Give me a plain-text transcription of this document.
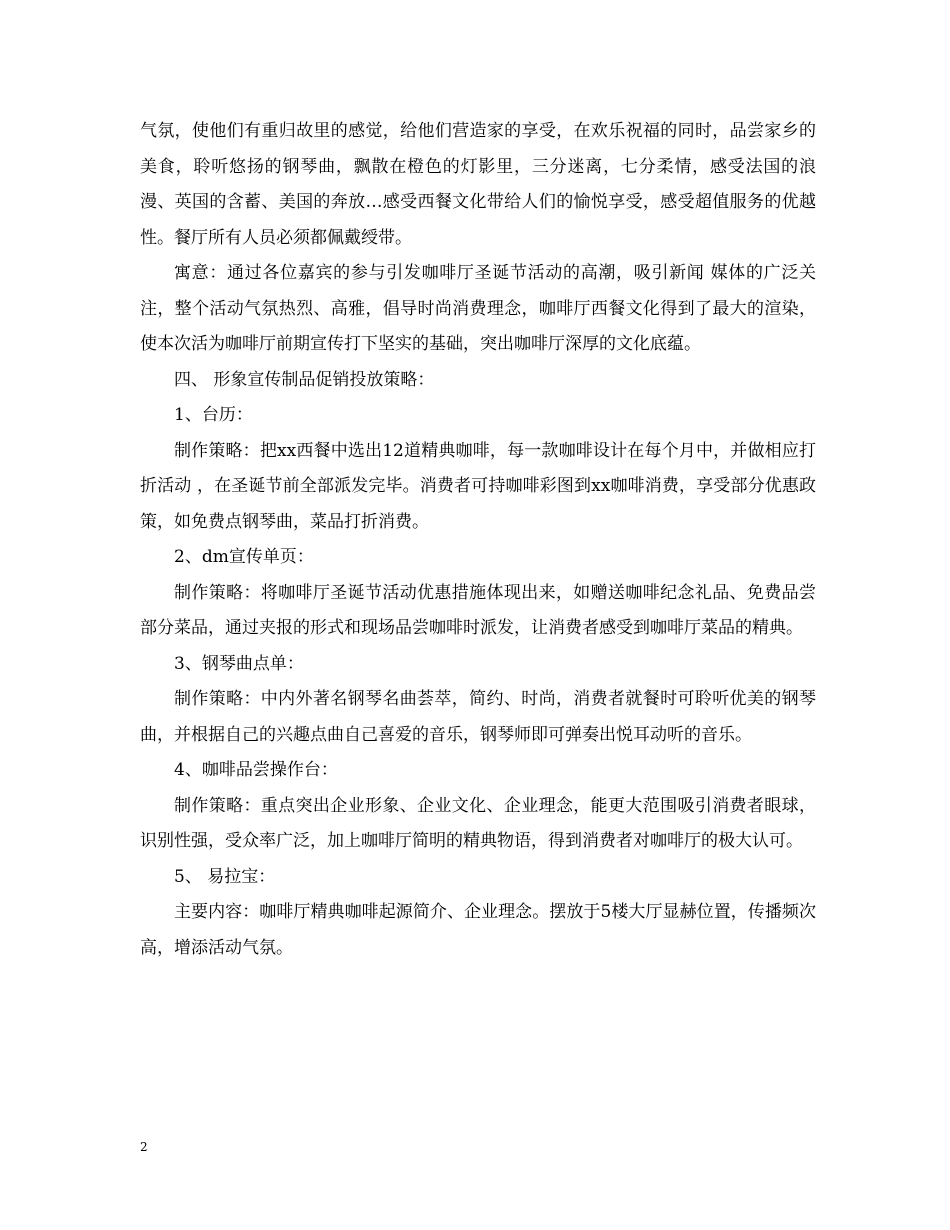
气氛，使他们有重归故里的感觉，给他们营造家的享受，在欢乐祝福的同时，品尝家乡的美食，聆听悠扬的钢琴曲，飘散在橙色的灯影里，三分迷离，七分柔情，感受法国的浪漫、英国的含蓄、美国的奔放…感受西餐文化带给人们的愉悦享受，感受超值服务的优越性。餐厅所有人员必须都佩戴绶带。

寓意：通过各位嘉宾的参与引发咖啡厅圣诞节活动的高潮，吸引新闻 媒体的广泛关注，整个活动气氛热烈、高雅，倡导时尚消费理念，咖啡厅西餐文化得到了最大的渲染，使本次活为咖啡厅前期宣传打下坚实的基础，突出咖啡厅深厚的文化底蕴。

四、 形象宣传制品促销投放策略：

1、台历：

制作策略：把xx西餐中选出12道精典咖啡，每一款咖啡设计在每个月中，并做相应打折活动 ，在圣诞节前全部派发完毕。消费者可持咖啡彩图到xx咖啡消费，享受部分优惠政策，如免费点钢琴曲，菜品打折消费。

2、dm宣传单页：

制作策略：将咖啡厅圣诞节活动优惠措施体现出来，如赠送咖啡纪念礼品、免费品尝部分菜品，通过夹报的形式和现场品尝咖啡时派发，让消费者感受到咖啡厅菜品的精典。

3、钢琴曲点单：

制作策略：中内外著名钢琴名曲荟萃，简约、时尚，消费者就餐时可聆听优美的钢琴曲，并根据自己的兴趣点曲自己喜爱的音乐，钢琴师即可弹奏出悦耳动听的音乐。

4、咖啡品尝操作台：

制作策略：重点突出企业形象、企业文化、企业理念，能更大范围吸引消费者眼球，识别性强，受众率广泛，加上咖啡厅简明的精典物语，得到消费者对咖啡厅的极大认可。

5、 易拉宝：

主要内容：咖啡厅精典咖啡起源简介、企业理念。摆放于5楼大厅显赫位置，传播频次高，增添活动气氛。

2
